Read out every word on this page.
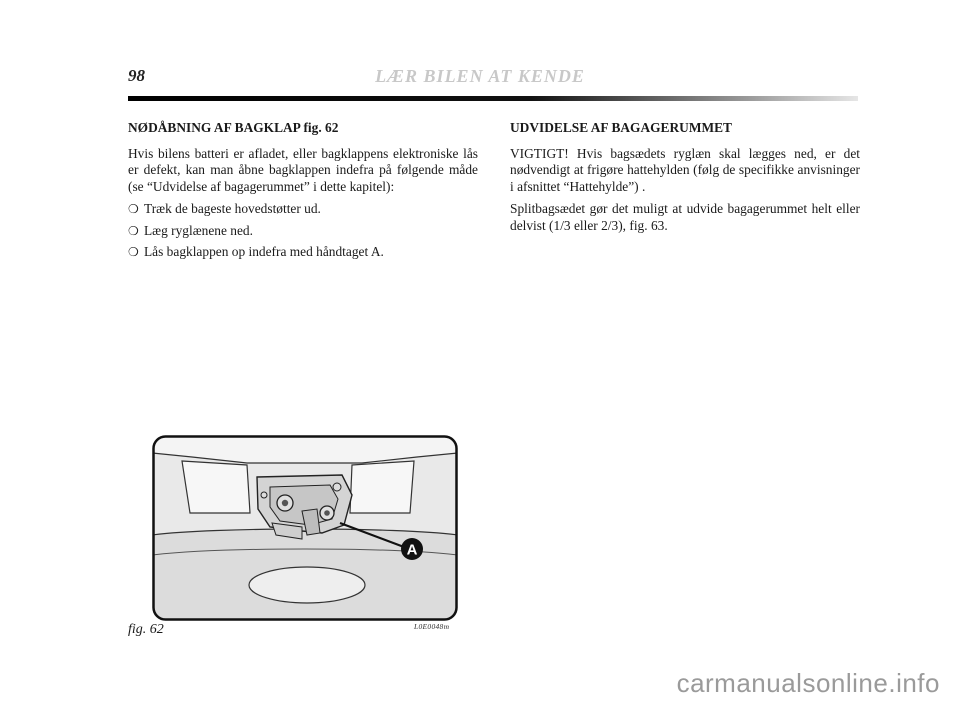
98	LÆR BILEN AT KENDE
NØDÅBNING AF BAGKLAP fig. 62
Hvis bilens batteri er afladet, eller bagklappens elektroniske lås er defekt, kan man åbne bagklappen indefra på følgende måde (se “Udvidelse af bagagerummet” i dette kapitel):
❍ Træk de bageste hovedstøtter ud.
❍ Læg ryglænene ned.
❍ Lås bagklappen op indefra med håndtaget A.
UDVIDELSE AF BAGAGERUMMET
VIGTIGT! Hvis bagsædets ryglæn skal lægges ned, er det nødvendigt at frigøre hattehylden (følg de specifikke anvisninger i afsnittet “Hattehylde”) .
Splitbagsædet gør det muligt at udvide bagagerummet helt eller delvist (1/3 eller 2/3), fig. 63.
A
fig. 62	L0E0048m
carmanualsonline.info
